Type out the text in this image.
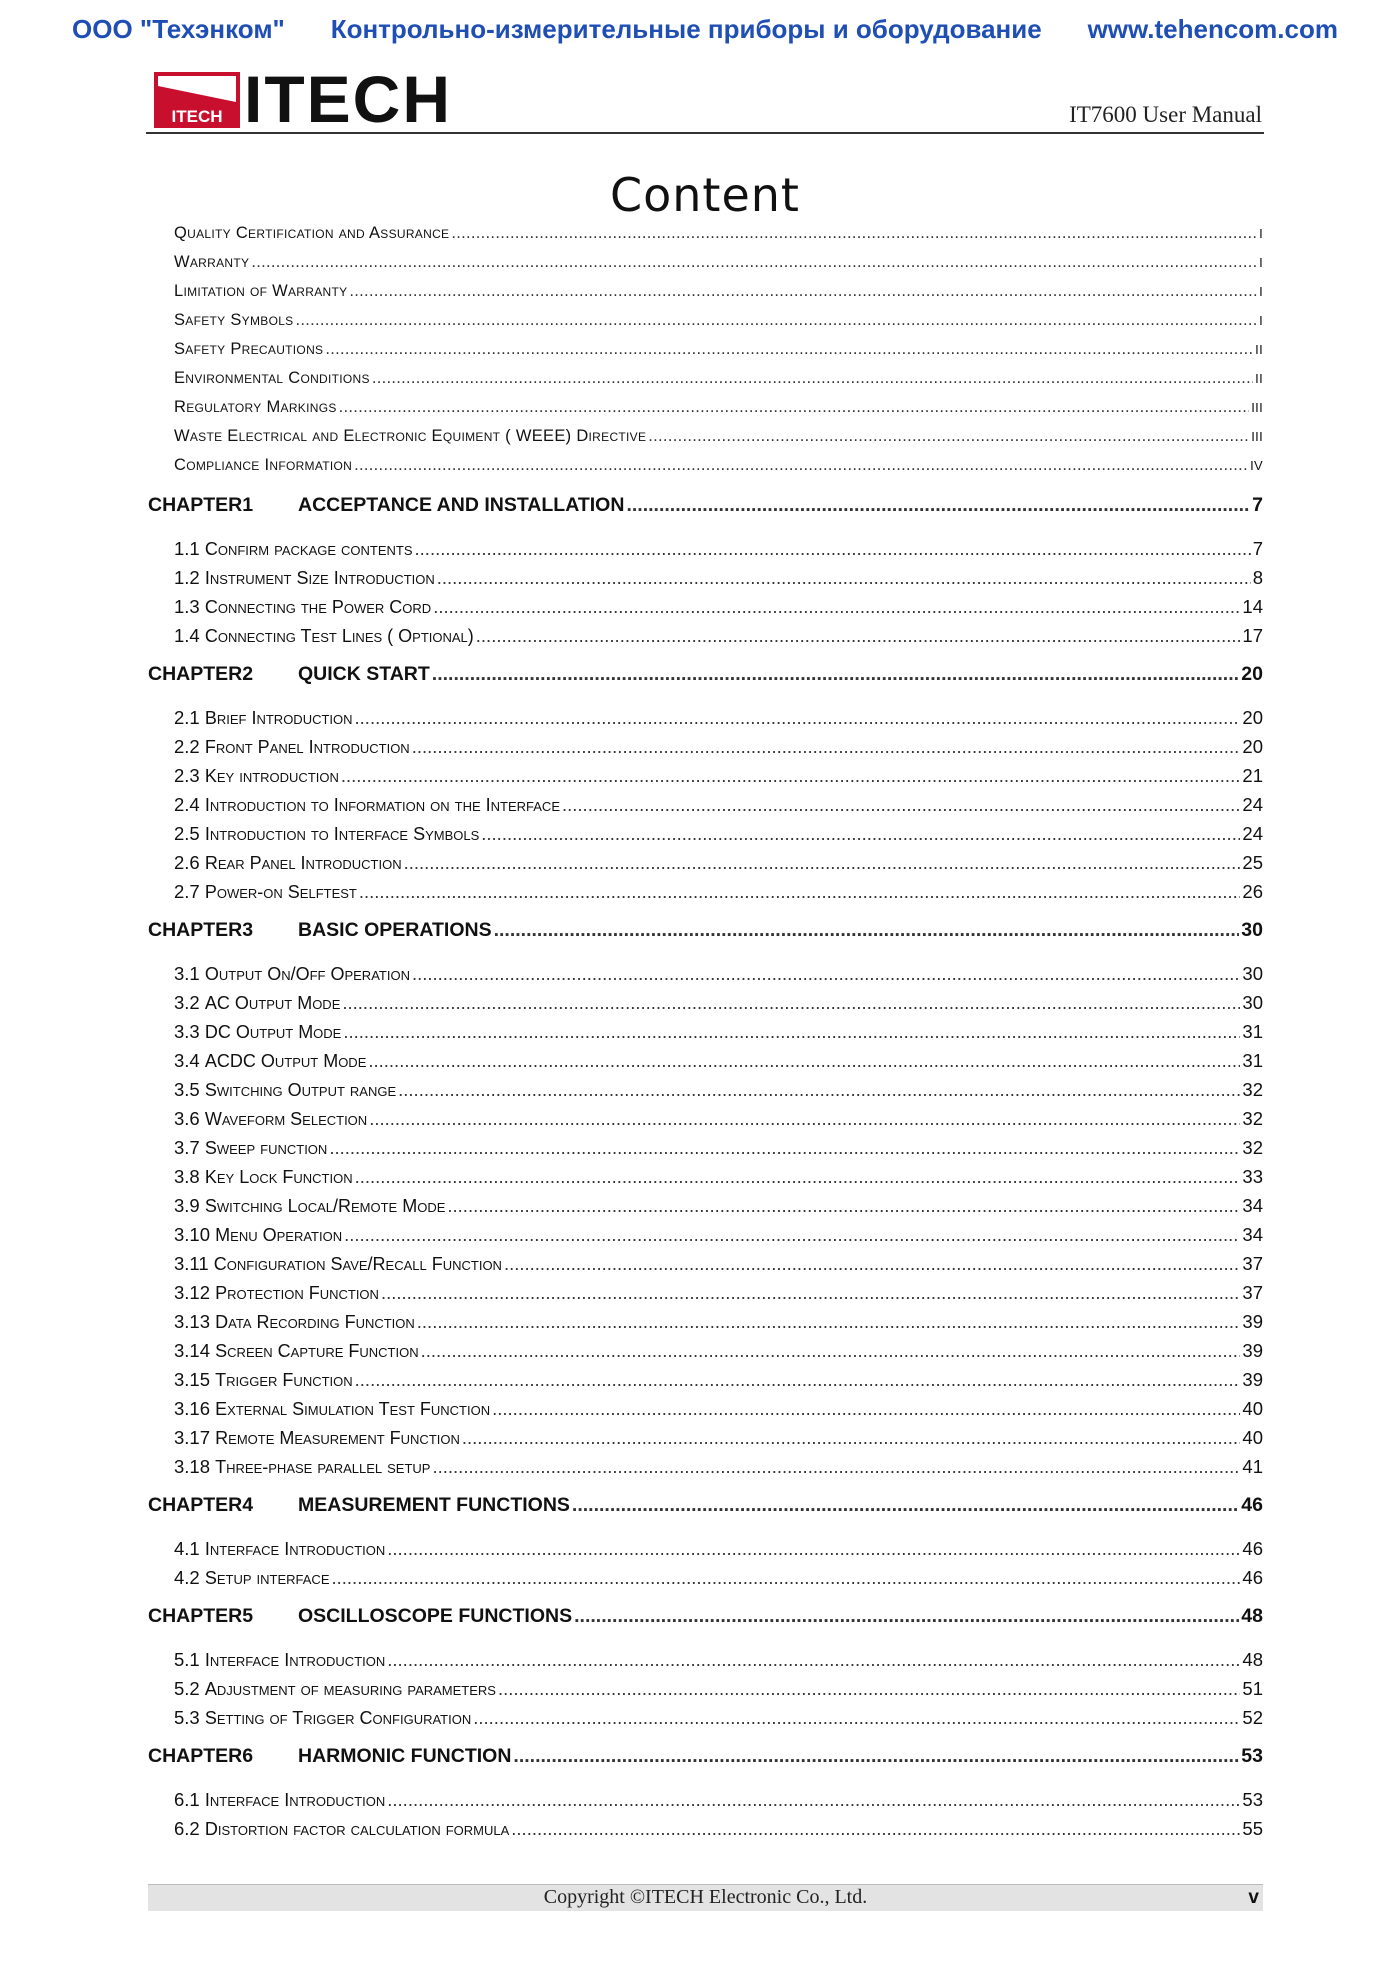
ООО "Техэнком" Контрольно-измерительные приборы и оборудование www.tehencom.com
ITECH ITECH	IT7600 User Manual
Content
Quality Certification and Assurance .....	I
Warranty .....	I
Limitation of Warranty .....	I
Safety Symbols .....	I
Safety Precautions .....	II
Environmental Conditions .....	II
Regulatory Markings .....	III
Waste Electrical and Electronic Equiment ( WEEE) Directive .....	III
Compliance Information .....	IV
CHAPTER1 ACCEPTANCE AND INSTALLATION .....	7
1.1 Confirm package contents .....	7
1.2 Instrument Size Introduction .....	8
1.3 Connecting the Power Cord .....	14
1.4 Connecting Test Lines ( Optional) .....	17
CHAPTER2 QUICK START .....	20
2.1 Brief Introduction .....	20
2.2 Front Panel Introduction .....	20
2.3 Key introduction .....	21
2.4 Introduction to Information on the Interface .....	24
2.5 Introduction to Interface Symbols .....	24
2.6 Rear Panel Introduction .....	25
2.7 Power-on Selftest .....	26
CHAPTER3 BASIC OPERATIONS .....	30
3.1 Output On/Off Operation .....	30
3.2 AC Output Mode .....	30
3.3 DC Output Mode .....	31
3.4 ACDC Output Mode .....	31
3.5 Switching Output range .....	32
3.6 Waveform Selection .....	32
3.7 Sweep function .....	32
3.8 Key Lock Function .....	33
3.9 Switching Local/Remote Mode .....	34
3.10 Menu Operation .....	34
3.11 Configuration Save/Recall Function .....	37
3.12 Protection Function .....	37
3.13 Data Recording Function .....	39
3.14 Screen Capture Function .....	39
3.15 Trigger Function .....	39
3.16 External Simulation Test Function .....	40
3.17 Remote Measurement Function .....	40
3.18 Three-phase parallel setup .....	41
CHAPTER4 MEASUREMENT FUNCTIONS .....	46
4.1 Interface Introduction .....	46
4.2 Setup interface .....	46
CHAPTER5 OSCILLOSCOPE FUNCTIONS .....	48
5.1 Interface Introduction .....	48
5.2 Adjustment of measuring parameters .....	51
5.3 Setting of Trigger Configuration .....	52
CHAPTER6 HARMONIC FUNCTION .....	53
6.1 Interface Introduction .....	53
6.2 Distortion factor calculation formula .....	55
Copyright ©ITECH Electronic Co., Ltd.	v
